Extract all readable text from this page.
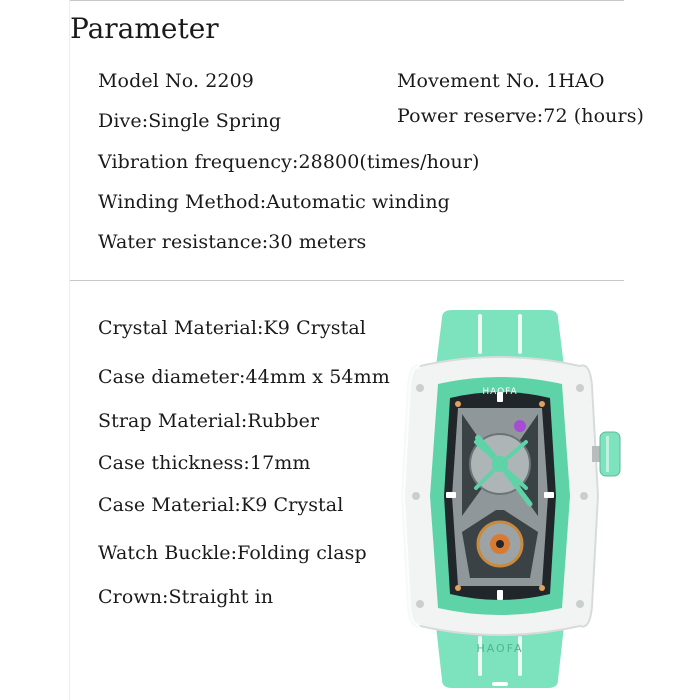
Parameter
Model No. 2209	Movement No. 1HAO
Dive:Single Spring	Power reserve:72 (hours)
Vibration frequency:28800(times/hour)
Winding Method:Automatic winding
Water resistance:30 meters
Crystal Material:K9 Crystal
Case diameter:44mm x 54mm
Strap Material:Rubber
Case thickness:17mm
Case Material:K9 Crystal
Watch Buckle:Folding clasp
Crown:Straight in
HAOFA
HAOFA
